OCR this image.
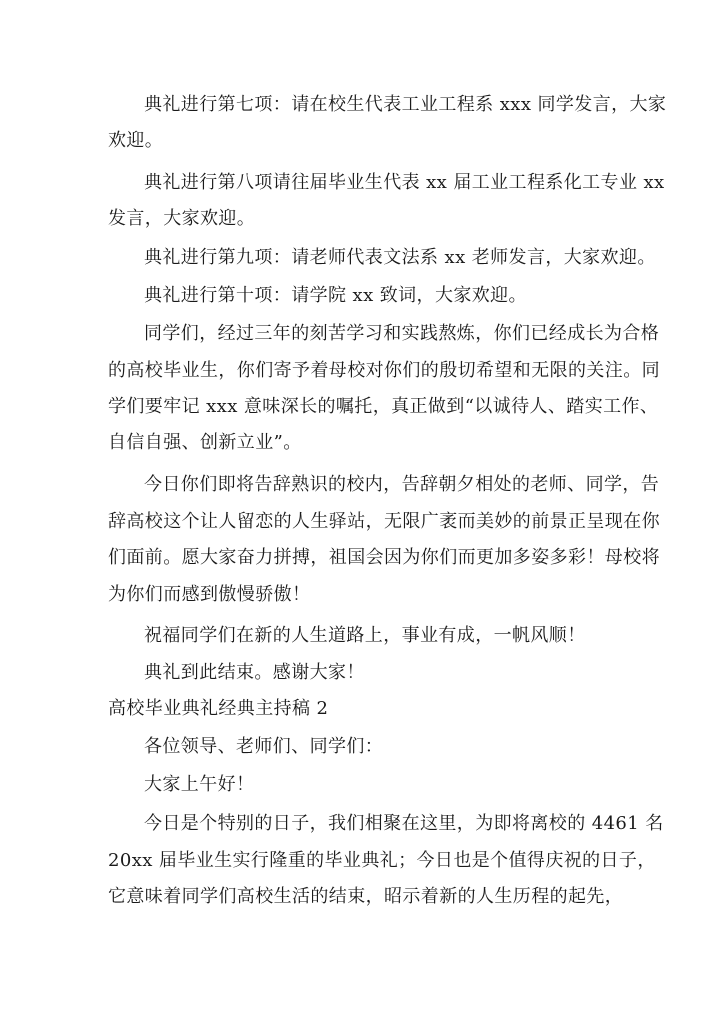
典礼进行第七项：请在校生代表工业工程系 xxx 同学发言，大家
欢迎。
典礼进行第八项请往届毕业生代表 xx 届工业工程系化工专业 xx
发言，大家欢迎。
典礼进行第九项：请老师代表文法系 xx 老师发言，大家欢迎。
典礼进行第十项：请学院 xx 致词，大家欢迎。
同学们，经过三年的刻苦学习和实践熬炼，你们已经成长为合格
的高校毕业生，你们寄予着母校对你们的殷切希望和无限的关注。同
学们要牢记 xxx 意味深长的嘱托，真正做到“以诚待人、踏实工作、
自信自强、创新立业”。
今日你们即将告辞熟识的校内，告辞朝夕相处的老师、同学，告
辞高校这个让人留恋的人生驿站，无限广袤而美妙的前景正呈现在你
们面前。愿大家奋力拼搏，祖国会因为你们而更加多姿多彩！母校将
为你们而感到傲慢骄傲！
祝福同学们在新的人生道路上，事业有成，一帆风顺！
典礼到此结束。感谢大家！
高校毕业典礼经典主持稿 2
各位领导、老师们、同学们：
大家上午好！
今日是个特别的日子，我们相聚在这里，为即将离校的 4461 名
20xx 届毕业生实行隆重的毕业典礼；今日也是个值得庆祝的日子，
它意味着同学们高校生活的结束，昭示着新的人生历程的起先，
